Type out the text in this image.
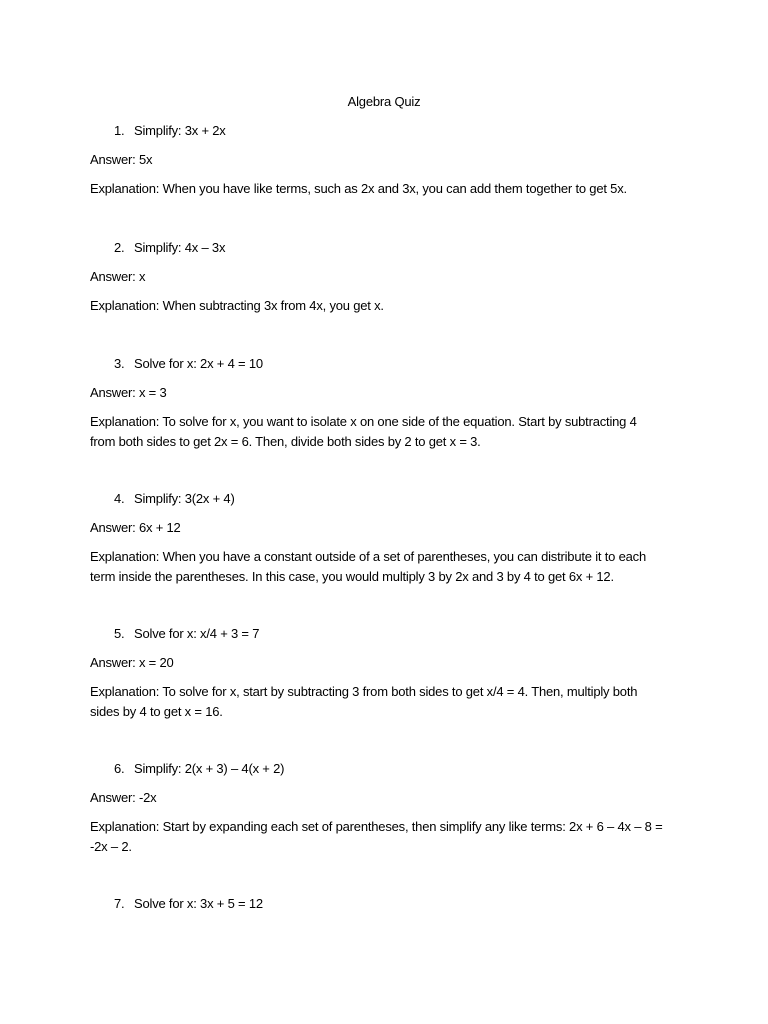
Algebra Quiz
1. Simplify: 3x + 2x
Answer: 5x
Explanation: When you have like terms, such as 2x and 3x, you can add them together to get 5x.
2. Simplify: 4x – 3x
Answer: x
Explanation: When subtracting 3x from 4x, you get x.
3. Solve for x: 2x + 4 = 10
Answer: x = 3
Explanation: To solve for x, you want to isolate x on one side of the equation. Start by subtracting 4 from both sides to get 2x = 6. Then, divide both sides by 2 to get x = 3.
4. Simplify: 3(2x + 4)
Answer: 6x + 12
Explanation: When you have a constant outside of a set of parentheses, you can distribute it to each term inside the parentheses. In this case, you would multiply 3 by 2x and 3 by 4 to get 6x + 12.
5. Solve for x: x/4 + 3 = 7
Answer: x = 20
Explanation: To solve for x, start by subtracting 3 from both sides to get x/4 = 4. Then, multiply both sides by 4 to get x = 16.
6. Simplify: 2(x + 3) – 4(x + 2)
Answer: -2x
Explanation: Start by expanding each set of parentheses, then simplify any like terms: 2x + 6 – 4x – 8 = -2x – 2.
7. Solve for x: 3x + 5 = 12
